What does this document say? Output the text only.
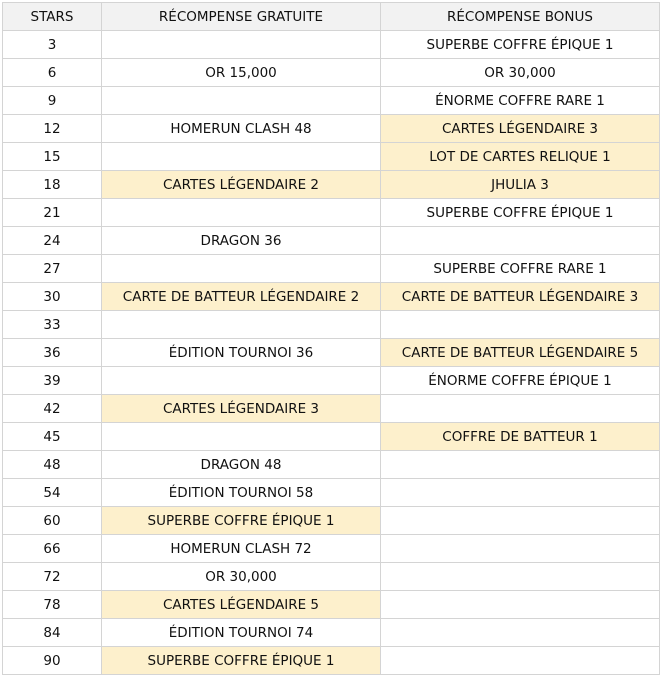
STARS	RÉCOMPENSE GRATUITE	RÉCOMPENSE BONUS
3		SUPERBE COFFRE ÉPIQUE 1
6	OR 15,000	OR 30,000
9		ÉNORME COFFRE RARE 1
12	HOMERUN CLASH 48	CARTES LÉGENDAIRE 3
15		LOT DE CARTES RELIQUE 1
18	CARTES LÉGENDAIRE 2	JHULIA 3
21		SUPERBE COFFRE ÉPIQUE 1
24	DRAGON 36	
27		SUPERBE COFFRE RARE 1
30	CARTE DE BATTEUR LÉGENDAIRE 2	CARTE DE BATTEUR LÉGENDAIRE 3
33		
36	ÉDITION TOURNOI 36	CARTE DE BATTEUR LÉGENDAIRE 5
39		ÉNORME COFFRE ÉPIQUE 1
42	CARTES LÉGENDAIRE 3	
45		COFFRE DE BATTEUR 1
48	DRAGON 48	
54	ÉDITION TOURNOI 58	
60	SUPERBE COFFRE ÉPIQUE 1	
66	HOMERUN CLASH 72	
72	OR 30,000	
78	CARTES LÉGENDAIRE 5	
84	ÉDITION TOURNOI 74	
90	SUPERBE COFFRE ÉPIQUE 1	
